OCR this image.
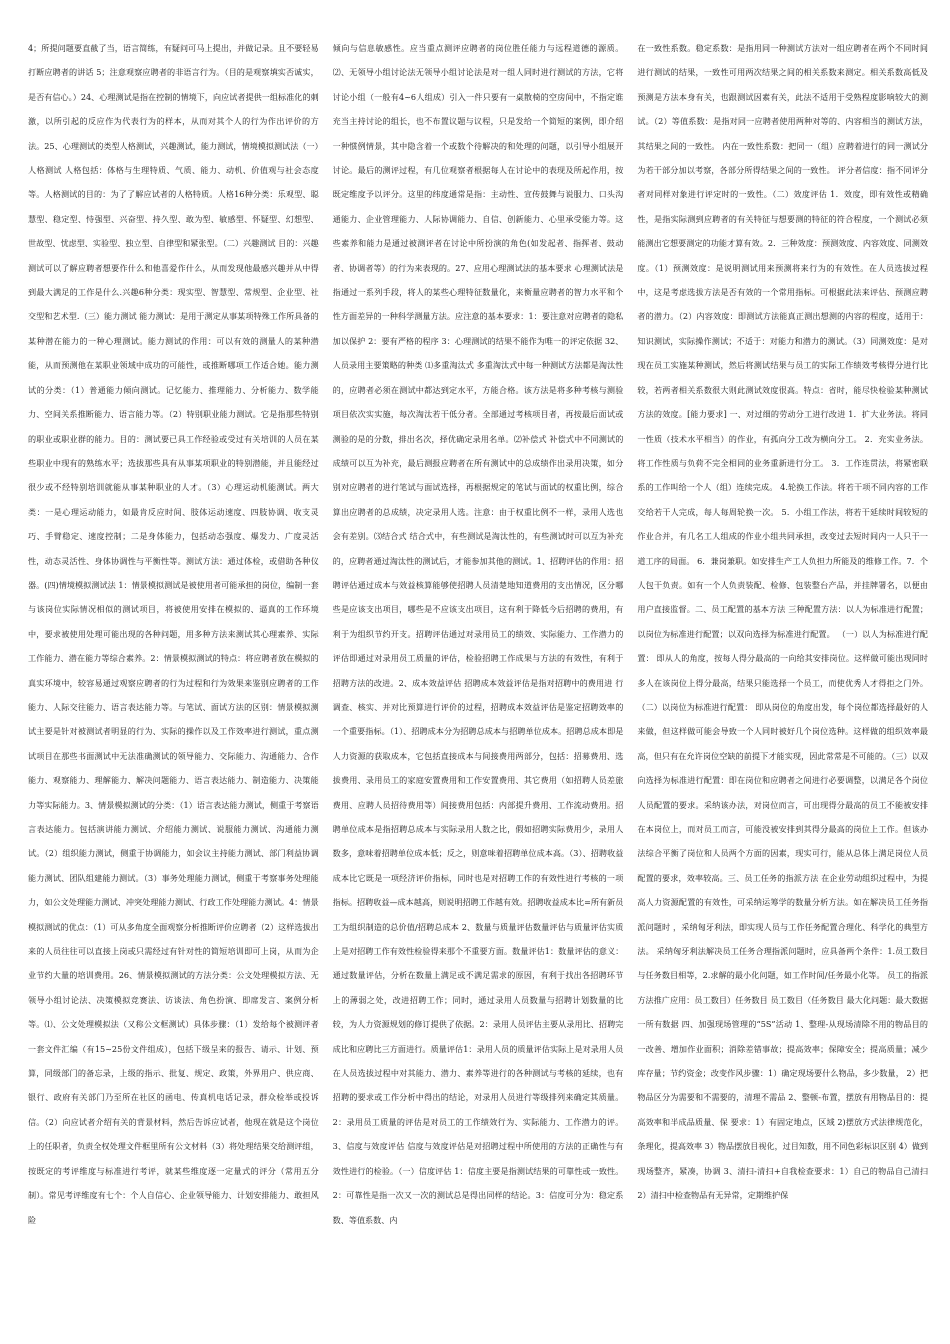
4；所提问题要直截了当，语言简练，有疑问可马上提出，并做记录。且不要轻易打断应聘者的讲话 5；注意观察应聘者的非语言行为。（目的是观察填实否诚实，是否有信心。）24、心理测试是指在控制的情境下，向应试者提供一组标准化的刺激，以所引起的反应作为代表行为的样本，从而对其个人的行为作出评价的方法。25、心理测试的类型人格测试，兴趣测试，能力测试，情境模拟测试法（一）人格测试 人格包括：体格与生理特质、气质、能力、动机、价值观与社会态度等。人格测试的目的：为了了解应试者的人格特质。人格16种分类：乐观型、聪慧型、稳定型、恃强型、兴奋型、持久型、敢为型、敏感型、怀疑型、幻想型、世故型、忧虑型、实验型、独立型、自律型和紧张型。（二）兴趣测试 目的：兴趣测试可以了解应聘者想要作什么和他喜爱作什么，从而发现他最感兴趣并从中得到最大满足的工作是什么.兴趣6种分类：现实型、智慧型、常规型、企业型、社交型和艺术型.（三）能力测试 能力测试：是用于测定从事某项特殊工作所具备的某种潜在能力的一种心理测试。能力测试的作用：可以有效的测量人的某种潜能，从而预测他在某职业领域中成功的可能性，或推断哪项工作适合她。能力测试的分类：（1）普通能力倾向测试。记忆能力、推理能力、分析能力、数学能力、空间关系推断能力、语言能力等。（2）特别职业能力测试。它是指那些特别的职业或职业群的能力。目的：测试要已具工作经验或受过有关培训的人员在某些职业中现有的熟练水平；选拔那些具有从事某项职业的特别潜能，并且能经过很少或不经特别培训就能从事某种职业的人才。（3）心理运动机能测试。两大类：一是心理运动能力，如最肯反应时间、肢体运动速度、四肢协调、收支灵巧、手臂稳定、速度控制；二是身体能力，包括动态强度、爆发力、广度灵活性，动态灵活性、身体协调性与平衡性等。测试方法：通过体检，或借助各种仪器。(四)情境模拟测试法 1：情景模拟测试是被使用者可能承担的岗位，编制一套与该岗位实际情况相似的测试项目，将被使用安排在模拟的、逼真的工作环境中，要求被使用处理可能出现的各种问题，用多种方法来测试其心理素养、实际工作能力、潜在能力等综合素养。2：情景模拟测试的特点：将应聘者放在模拟的真实环境中，较容易通过观察应聘者的行为过程和行为效果来鉴别应聘者的工作能力、人际交往能力、语言表达能力等。与笔试、面试方法的区别：情景模拟测试主要是针对被测试者明显的行为、实际的操作以及工作效率进行测试，重点测试项目在那些书面测试中无法准确测试的领导能力、交际能力、沟通能力、合作能力、观察能力、理解能力、解决问题能力、语言表达能力、制造能力、决策能力等实际能力。3、情景模拟测试的分类：（1）语言表达能力测试，侧重于考察语言表达能力。包括演讲能力测试、介绍能力测试、说服能力测试、沟通能力测试。（2）组织能力测试，侧重于协调能力，如会议主持能力测试、部门利益协调能力测试、团队组建能力测试。（3）事务处理能力测试，侧重于考察事务处理能力，如公文处理能力测试、冲突处理能力测试、行政工作处理能力测试。4：情景模拟测试的优点：（1）可从多角度全面观察分析推断评价应聘者（2）这样选拔出来的人员往往可以直接上岗或只需经过有针对性的简短培训即可上岗，从而为企业节约大量的培训费用。26、情景模拟测试的方法分类：公文处理模拟方法、无领导小组讨论法、决策模拟竞赛法、访谈法、角色扮演、即席发言、案例分析等。⑴、公文处理模拟法（又称公文框测试）具体步骤：（1）发给每个被测评者一套文件汇编（有15~25份文件组成），包括下级呈来的报告、请示、计划、预算，同级部门的备忘录，上级的指示、批复、规定、政策，外界用户、供应商、银行、政府有关部门乃至所在社区的函电、传真机电话记录，群众检举或投诉信。（2）向应试者介绍有关的背景材料，然后告诉应试者，他现在就是这个岗位上的任职者，负责全权处理文件框里所有公文材料（3）将处理结果交给测评组，按既定的考评维度与标准进行考评，就某些维度逐一定量式的评分（常用五分制）。常见考评维度有七个：个人自信心、企业领导能力、计划安排能力、敢担风险

倾向与信息敏感性。应当重点测评应聘者的岗位胜任能力与远程道德的源质。⑵、无领导小组讨论法无领导小组讨论法是对一组人同时进行测试的方法，它将讨论小组（一般有4~6人组成）引入一件只要有一桌散椅的空房间中，不指定谁充当主持讨论的组长，也不布置议题与议程，只是发给一个简短的案例，即介绍一种惯例情景，其中隐含着一个或数个待解决的和处理的问题，以引导小组展开讨论。最后的测评过程，有几位观察者根据每人在讨论中的表现及所起作用，按既定维度予以评分。这里的纬度通常是指：主动性、宣传鼓舞与说服力、口头沟通能力、企业管理能力、人际协调能力、自信、创新能力、心里承受能力等。这些素养和能力是通过被测评者在讨论中所扮演的角色(如发起者、指挥者、鼓动者、协调者等）的行为来表现的。27、应用心理测试法的基本要求 心理测试法是指通过一系列手段，将人的某些心理特征数量化，来衡量应聘者的智力水平和个性方面差异的一种科学测量方法。应注意的基本要求：1：要注意对应聘者的隐私加以保护 2：要有严格的程序 3：心理测试的结果不能作为唯一的评定依据 32、人员录用主要策略的种类 ⑴多重淘汰式 多重淘汰式中每一种测试方法都是淘汰性的，应聘者必须在测试中都达到定水平，方能合格。该方法是将多种考核与测验项目依次实实施，每次淘汰若干低分者。全部通过考核项目者，再按最后面试或测验的是的分数，排出名次，择优确定录用名单。⑵补偿式 补偿式中不同测试的成绩可以互为补充，最后测报应聘者在所有测试中的总成绩作出录用决策，如分别对应聘者的进行笔试与面试选择，再根据规定的笔试与面试的权重比例，综合算出应聘者的总成绩，决定录用人选。注意：由于权重比例不一样，录用人选也会有差别。⑶结合式 结合式中，有些测试是淘汰性的，有些测试时可以互为补充的，应聘者通过淘汰性的测试后，才能参加其他的测试。1、招聘评估的作用：招聘评估通过成本与效益核算能够使招聘人员清楚地知道费用的支出情况，区分哪些是应该支出项目，哪些是不应该支出项目，这有利于降低今后招聘的费用，有利于为组织节约开支。招聘评估通过对录用员工的绩效、实际能力、工作潜力的评估即通过对录用员工质量的评估，检验招聘工作成果与方法的有效性，有利于招聘方法的改进。2、成本效益评估 招聘成本效益评估是指对招聘中的费用进 行调查、核实、并对比预算进行评价的过程，招聘成本效益评估是鉴定招聘效率的一个重要指标。（1）、招聘成本分为招聘总成本与招聘单位成本。招聘总成本即是人力资源的获取成本，它包括直接成本与间接费用两部分，包括：招募费用、选拔费用、录用员工的家庭安置费用和工作安置费用、其它费用（如招聘人员差旅费用、应聘人员招待费用等）间接费用包括：内部提升费用、工作流动费用。招聘单位成本是指招聘总成本与实际录用人数之比，假如招聘实际费用少，录用人数多，意味着招聘单位成本低；反之，则意味着招聘单位成本高。（3）、招聘收益成本比它既是一项经济评价指标，同时也是对招聘工作的有效性进行考核的一项指标。招聘收益—成本越高，则说明招聘工作越有效。招聘收益成本比=所有新员工为组织制造的总价值/招聘总成本 2、数量与质量评估数量评估与质量评估实质上是对招聘工作有效性检验得来那个不重要方面。数量评估1：数量评估的意义：通过数量评估，分析在数量上满足或不满足需求的原因，有利于找出各招聘环节上的薄弱之处，改进招聘工作；同时，通过录用人员数量与招聘计划数量的比较，为人力资源规划的修订提供了依据。2：录用人员评估主要从录用比、招聘完成比和应聘比三方面进行。质量评估1：录用人员的质量评估实际上是对录用人员在人员选拔过程中对其能力、潜力、素养等进行的各种测试与考核的延续，也有招聘的要求或工作分析中得出的结论，对录用人员进行等级排列来确定其质量。2：录用员工质量的评估是对员工的工作绩效行为、实际能力、工作潜力的评。3、信度与效度评估 信度与效度评估是对招聘过程中所使用的方法的正确性与有效性进行的检验。（一）信度评估 1：信度主要是指测试结果的可靠性或一致性。2：可靠性是指一次又一次的测试总是得出同样的结论。3：信度可分为：稳定系数、等值系数、内

在一致性系数。稳定系数：是指用同一种测试方法对一组应聘者在两个不同时间进行测试的结果，一致性可用两次结果之间的相关系数来测定。相关系数高低及预测是方法本身有关，也跟测试因素有关，此法不适用于受熟程度影响较大的测试。（2）等值系数：是指对同一应聘者使用两种对等的、内容相当的测试方法，其结果之间的一致性。 内在一致性系数：把同一（组）应聘着进行的同一测试分为若干部分加以考察，各部分所得结果之间的一致性。 评分者信度：指不同评分者对同样对象进行评定时的一致性。（二）效度评估 1．效度，即有效性或精确性，是指实际测到应聘者的有关特征与想要测的特征的符合程度，一个测试必须能测出它想要测定的功能才算有效。2．三种效度：预测效度、内容效度、同测效度。（1）预测效度：是说明测试用来预测将来行为的有效性。在人员选拔过程中，这是考虑选拔方法是否有效的一个常用指标。可根据此法来评估、预测应聘者的潜力。（2）内容效度：即测试方法能真正测出想测的内容的程度，适用于：知识测试，实际操作测试；不适于：对能力和潜力的测试。（3）同测效度：是对现在员工实施某种测试，然后将测试结果与员工的实际工作绩效考核得分进行比较，若两者相关系数很大则此测试效度很高。特点：省时，能尽快检验某种测试方法的效度。[能力要求] 一、对过细的劳动分工进行改进 1．扩大业务法。将同一性质（技术水平相当）的作业，有孤向分工改为横向分工。 2．充实业务法。将工作性质与负荷不完全相同的业务重新进行分工。 3．工作连贯法，将紧密联系的工作叫给一个人（组）连续完成。 4.轮换工作法。将若干项不同内容的工作交给若干人完成，每人每周轮换一次。 5．小组工作法，将若干延续时间较短的作业合并，有几名工人组成的作业小组共同承担，改变过去短时间内一人只干一道工序的局面。 6．兼岗兼职。如安排生产工人负担力所能及的维修工作。7．个人包干负责。如有一个人负责装配、检修、包装整台产品，并挂牌署名，以便由用户直接监督。二、员工配置的基本方法 三种配置方法：以人为标准进行配置；以岗位为标准进行配置；以双向选择为标准进行配置。 （一）以人为标准进行配置： 即从人的角度，按每人得分最高的一向给其安排岗位。这样做可能出现同时多人在该岗位上得分最高，结果只能选择一个员工，而使优秀人才得拒之门外。（二）以岗位为标准进行配置： 即从岗位的角度出发，每个岗位都选择最好的人来做，但这样做可能会导致一个人同时被好几个岗位选种。这样做的组织效率最高，但只有在允许岗位空缺的前提下才能实现，因此常常是不可能的。（三）以双向选择为标准进行配置：即在岗位和应聘者之间进行必要调整，以满足各个岗位人员配置的要求。采纳该办法，对岗位而言，可出现得分最高的员工不能被安排在本岗位上，而对员工而言，可能没被安排到其得分最高的岗位上工作。但该办法综合平衡了岗位和人员两个方面的因素，现实可行，能从总体上满足岗位人员配置的要求，效率较高。三、员工任务的指派方法 在企业劳动组织过程中，为提高人力资源配置的有效性，可采纳运筹学的数量分析方法。如在解决员工任务指派问题时 ，采纳匈牙利法，即实现人员与工作任务配置合理化、科学化的典型方法。 采纳匈牙利法解决员工任务合理指派问题时，应具备两个条件：1.员工数目与任务数目相等，2.求解的最小化问题，如工作时间/任务最小化等。 员工的指派方法推广应用：员工数目）任务数目 员工数目（任务数目 最大化问题：最大数据一所有数据 四、加强现场管理的“5S”活动 1、整理-从现场清除不用的物品目的一改善、增加作业面积；消除差错事故；提高效率；保障安全；提高质量；减少库存量；节约资金；改变作风步骤：1）确定现场要什么物品，多少数量， 2）把物品区分为需要和不需要的，清理不需品 2、整顿-布置，摆放有用物品目的：提高效率和半成品质量、保 要求：1）有固定地点，区域 2)摆放方式法律规范化，条理化，提高效率 3）物品摆放目视化，过目知数，用不同色彩标识区别 4）做到现场整齐，紧凑，协调 3、清扫-清扫+自我检查要求：1）自己的物品自己清扫 2）清扫中检查物品有无异常，定期维护保
